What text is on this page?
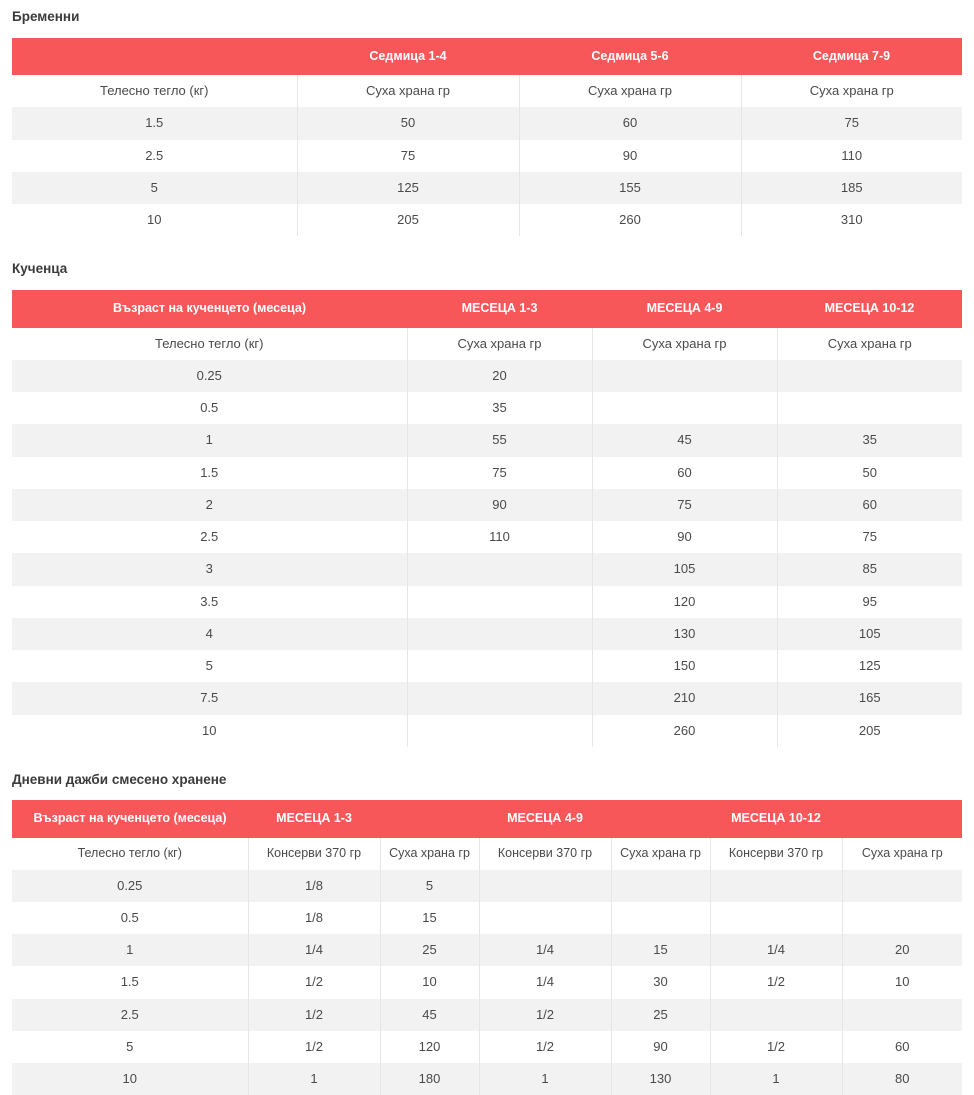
Бременни
	Седмица 1-4	Седмица 5-6	Седмица 7-9
Телесно тегло (кг)	Суха храна гр	Суха храна гр	Суха храна гр
1.5	50	60	75
2.5	75	90	110
5	125	155	185
10	205	260	310
Кученца
Възраст на кученцето (месеца)	МЕСЕЦА 1-3	МЕСЕЦА 4-9	МЕСЕЦА 10-12
Телесно тегло (кг)	Суха храна гр	Суха храна гр	Суха храна гр
0.25	20		
0.5	35		
1	55	45	35
1.5	75	60	50
2	90	75	60
2.5	110	90	75
3		105	85
3.5		120	95
4		130	105
5		150	125
7.5		210	165
10		260	205
Дневни дажби смесено хранене
Възраст на кученцето (месеца)	МЕСЕЦА 1-3		МЕСЕЦА 4-9		МЕСЕЦА 10-12	
Телесно тегло (кг)	Консерви 370 гр	Суха храна гр	Консерви 370 гр	Суха храна гр	Консерви 370 гр	Суха храна гр
0.25	1/8	5				
0.5	1/8	15				
1	1/4	25	1/4	15	1/4	20
1.5	1/2	10	1/4	30	1/2	10
2.5	1/2	45	1/2	25		
5	1/2	120	1/2	90	1/2	60
10	1	180	1	130	1	80
